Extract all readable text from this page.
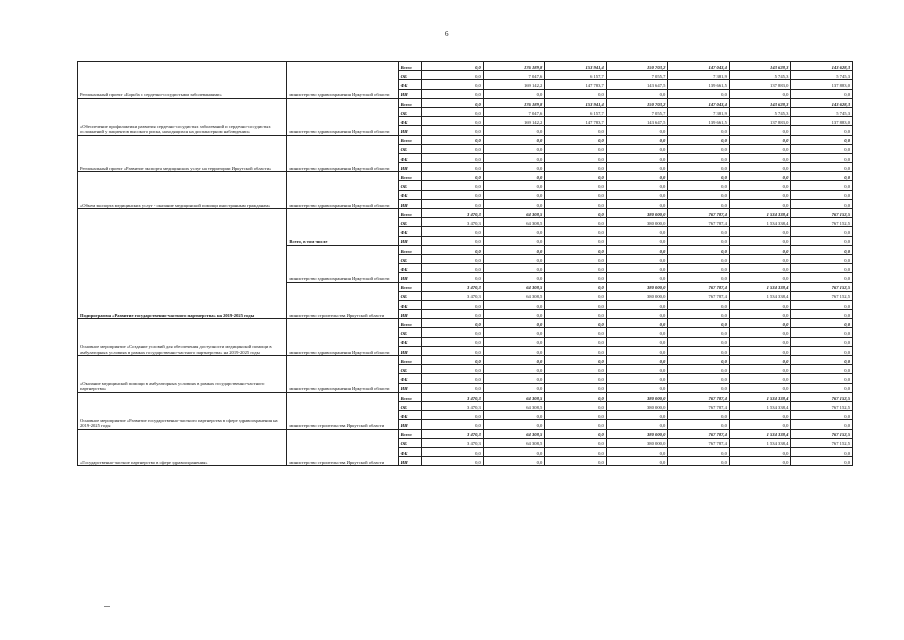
6
Региональный проект «Борьба с сердечно-сосудистыми заболеваниями»	министерство здравоохранения Иркутской области	Всего	0,0	176 189,8	153 941,4	150 703,2	147 043,4	143 628,3	143 628,3
		ОБ	0,0	7 047,6	6 157,7	7 055,7	7 381,9	5 745,3	5 745,3
		ФБ	0,0	169 142,2	147 783,7	143 647,5	139 661,5	137 883,0	137 883,0
		ИИ	0,0	0,0	0,0	0,0	0,0	0,0	0,0
«Обеспечение профилактики развития сердечно-сосудистых заболеваний и сердечно-сосудистых осложнений у пациентов высокого риска, находящихся на диспансерном наблюдении»	министерство здравоохранения Иркутской области	Всего	0,0	176 189,8	153 941,4	150 703,2	147 043,4	143 628,3	143 628,3
		ОБ	0,0	7 047,6	6 157,7	7 055,7	7 381,9	5 745,3	5 745,3
		ФБ	0,0	169 142,2	147 783,7	143 647,5	139 661,5	137 883,0	137 883,0
		ИИ	0,0	0,0	0,0	0,0	0,0	0,0	0,0
Региональный проект «Развитие экспорта медицинских услуг на территории Иркутской области»	министерство здравоохранения Иркутской области	Всего	0,0	0,0	0,0	0,0	0,0	0,0	0,0
		ОБ	0,0	0,0	0,0	0,0	0,0	0,0	0,0
		ФБ	0,0	0,0	0,0	0,0	0,0	0,0	0,0
		ИИ	0,0	0,0	0,0	0,0	0,0	0,0	0,0
«Объем экспорта медицинских услуг - оказание медицинской помощи иностранным гражданам»	министерство здравоохранения Иркутской области	Всего	0,0	0,0	0,0	0,0	0,0	0,0	0,0
		ОБ	0,0	0,0	0,0	0,0	0,0	0,0	0,0
		ФБ	0,0	0,0	0,0	0,0	0,0	0,0	0,0
		ИИ	0,0	0,0	0,0	0,0	0,0	0,0	0,0
Подпрограмма «Развитие государственно-частного партнерства» на 2019-2025 годы	Всего, в том числе	Всего	3 470,3	64 308,5	0,0	380 000,0	767 787,4	1 534 338,4	767 152,5
		ОБ	3 470,3	64 308,5	0,0	380 000,0	767 787,4	1 534 338,4	767 152,5
		ФБ	0,0	0,0	0,0	0,0	0,0	0,0	0,0
		ИИ	0,0	0,0	0,0	0,0	0,0	0,0	0,0
	министерство здравоохранения Иркутской области	Всего	0,0	0,0	0,0	0,0	0,0	0,0	0,0
		ОБ	0,0	0,0	0,0	0,0	0,0	0,0	0,0
		ФБ	0,0	0,0	0,0	0,0	0,0	0,0	0,0
		ИИ	0,0	0,0	0,0	0,0	0,0	0,0	0,0
	министерство строительства Иркутской области	Всего	3 470,3	64 308,5	0,0	380 000,0	767 787,4	1 534 338,4	767 152,5
		ОБ	3 470,3	64 308,5	0,0	380 000,0	767 787,4	1 534 338,4	767 152,5
		ФБ	0,0	0,0	0,0	0,0	0,0	0,0	0,0
		ИИ	0,0	0,0	0,0	0,0	0,0	0,0	0,0
Основное мероприятие «Создание условий для обеспечения доступности медицинской помощи в амбулаторных условиях в рамках государственно-частного партнерства» на 2019-2025 годы	министерство здравоохранения Иркутской области	Всего	0,0	0,0	0,0	0,0	0,0	0,0	0,0
		ОБ	0,0	0,0	0,0	0,0	0,0	0,0	0,0
		ФБ	0,0	0,0	0,0	0,0	0,0	0,0	0,0
		ИИ	0,0	0,0	0,0	0,0	0,0	0,0	0,0
«Оказание медицинской помощи в амбулаторных условиях в рамках государственно-частного партнерства»	министерство здравоохранения Иркутской области	Всего	0,0	0,0	0,0	0,0	0,0	0,0	0,0
		ОБ	0,0	0,0	0,0	0,0	0,0	0,0	0,0
		ФБ	0,0	0,0	0,0	0,0	0,0	0,0	0,0
		ИИ	0,0	0,0	0,0	0,0	0,0	0,0	0,0
Основное мероприятие «Развитие государственно-частного партнерства в сфере здравоохранения на 2019-2025 годы	министерство строительства Иркутской области	Всего	3 470,3	64 308,5	0,0	380 000,0	767 787,4	1 534 338,4	767 152,5
		ОБ	3 470,3	64 308,5	0,0	380 000,0	767 787,4	1 534 338,4	767 152,5
		ФБ	0,0	0,0	0,0	0,0	0,0	0,0	0,0
		ИИ	0,0	0,0	0,0	0,0	0,0	0,0	0,0
«Государственно-частное партнерство в сфере здравоохранения»	министерство строительства Иркутской области	Всего	3 470,3	64 308,5	0,0	380 000,0	767 787,4	1 534 338,4	767 152,5
		ОБ	3 470,3	64 308,5	0,0	380 000,0	767 787,4	1 534 338,4	767 152,5
		ФБ	0,0	0,0	0,0	0,0	0,0	0,0	0,0
		ИИ	0,0	0,0	0,0	0,0	0,0	0,0	0,0
